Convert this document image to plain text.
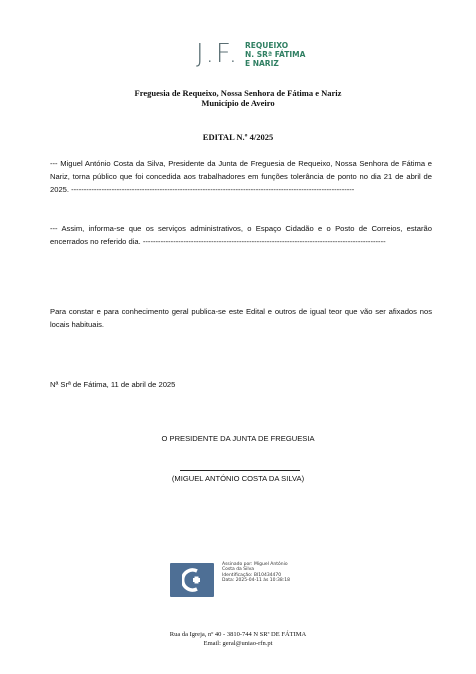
J.F. REQUEIXO
N. SRª FÁTIMA
E NARIZ
Freguesia de Requeixo, Nossa Senhora de Fátima e Nariz
Município de Aveiro
EDITAL N.º 4/2025

--- Miguel António Costa da Silva, Presidente da Junta de Freguesia de Requeixo, Nossa Senhora de Fátima e Nariz, torna público que foi concedida aos trabalhadores em funções tolerância de ponto no dia 21 de abril de 2025. ----------------------------------------------------------------------------------------------------------------

--- Assim, informa-se que os serviços administrativos, o Espaço Cidadão e o Posto de Correios, estarão encerrados no referido dia. ------------------------------------------------------------------------------------------------

Para constar e para conhecimento geral publica-se este Edital e outros de igual teor que vão ser afixados nos locais habituais.

Nª Srª de Fátima, 11 de abril de 2025
O PRESIDENTE DA JUNTA DE FREGUESIA
(MIGUEL ANTÓNIO COSTA DA SILVA)
Assinado por: Miguel António
Costa da Silva
Identificação: BI10434470
Data: 2025-04-11 às 10:38:18
Rua da Igreja, nº 40 - 3810-744 N SRª DE FÁTIMA
Email: geral@uniao-rfn.pt
